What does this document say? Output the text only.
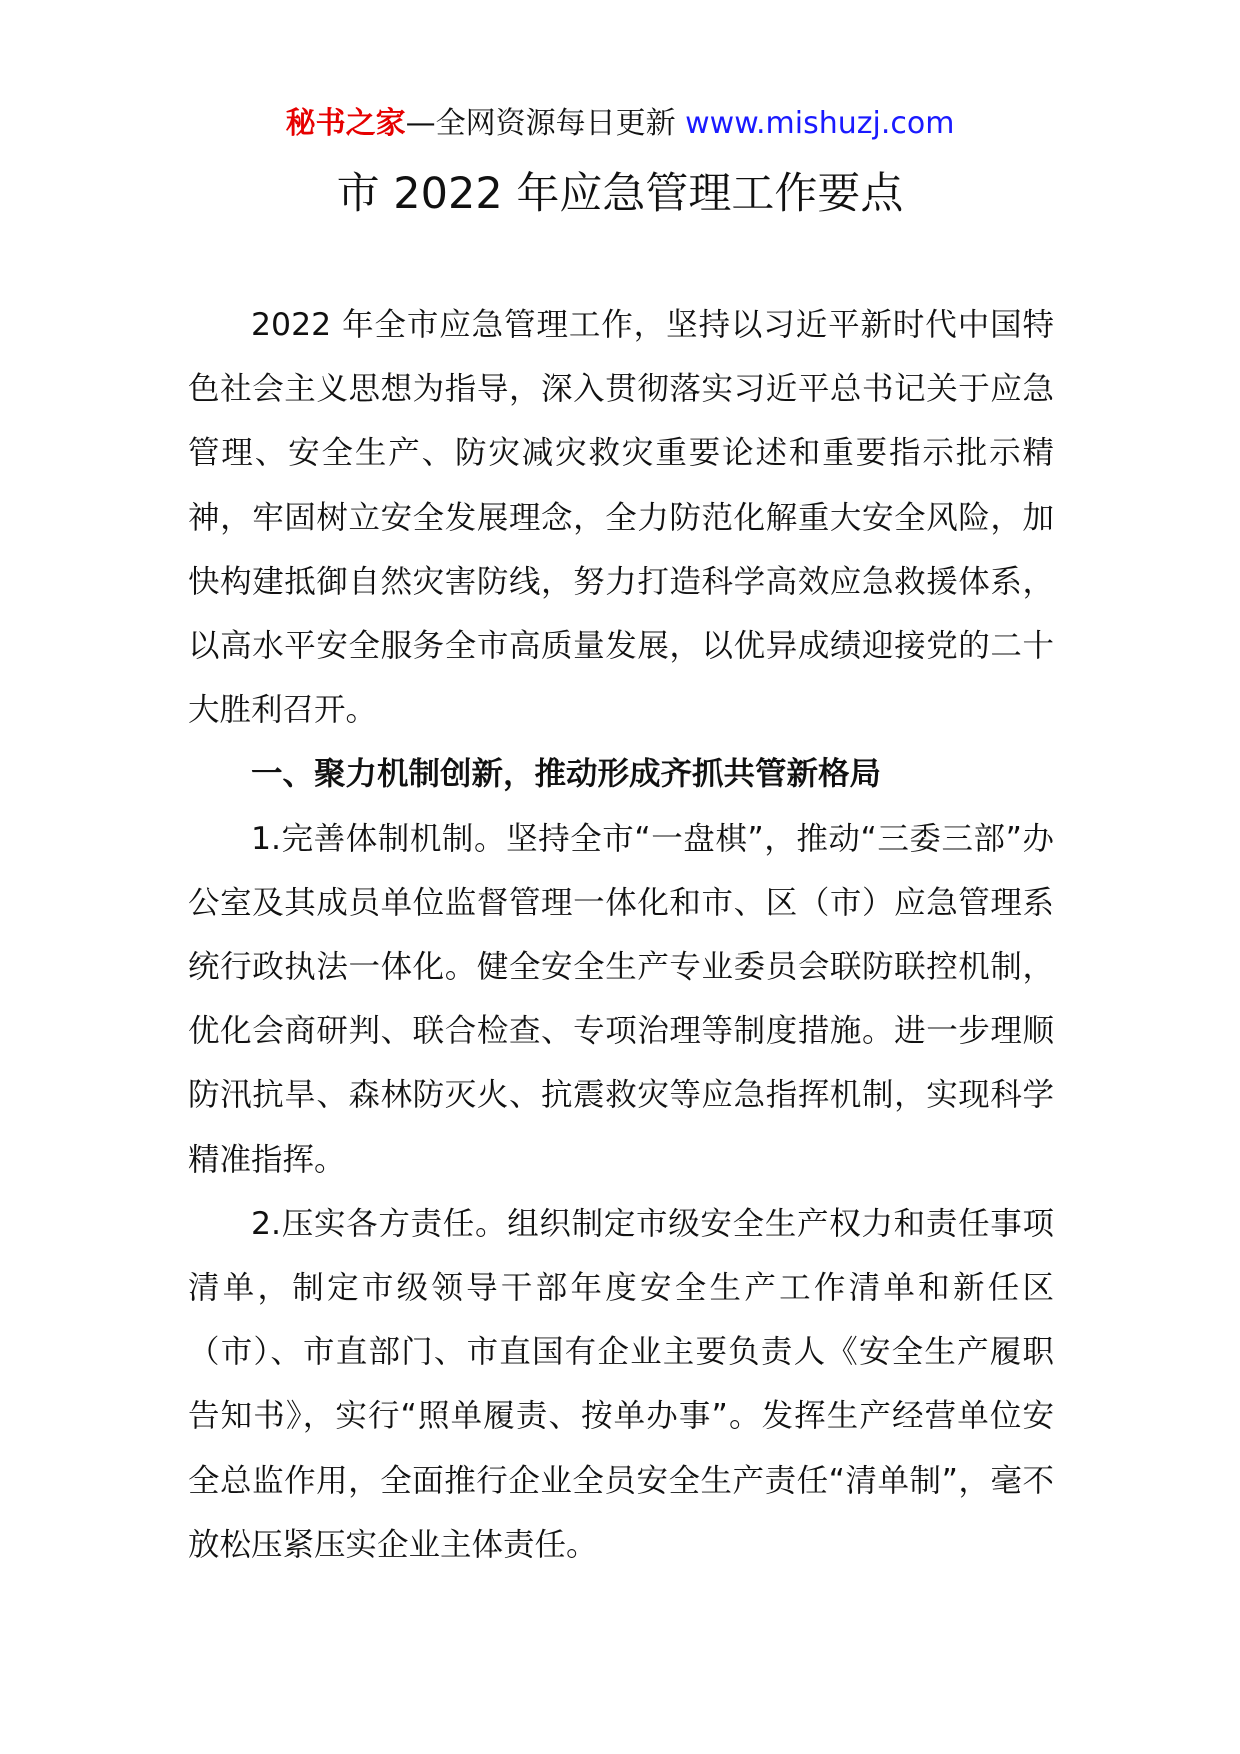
秘书之家—全网资源每日更新 www.mishuzj.com
市 2022 年应急管理工作要点

2022 年全市应急管理工作，坚持以习近平新时代中国特色社会主义思想为指导，深入贯彻落实习近平总书记关于应急管理、安全生产、防灾减灾救灾重要论述和重要指示批示精神，牢固树立安全发展理念，全力防范化解重大安全风险，加快构建抵御自然灾害防线，努力打造科学高效应急救援体系，以高水平安全服务全市高质量发展，以优异成绩迎接党的二十大胜利召开。

一、聚力机制创新，推动形成齐抓共管新格局

1.完善体制机制。坚持全市“一盘棋”，推动“三委三部”办公室及其成员单位监督管理一体化和市、区（市）应急管理系统行政执法一体化。健全安全生产专业委员会联防联控机制，优化会商研判、联合检查、专项治理等制度措施。进一步理顺防汛抗旱、森林防灭火、抗震救灾等应急指挥机制，实现科学精准指挥。

2.压实各方责任。组织制定市级安全生产权力和责任事项清单，制定市级领导干部年度安全生产工作清单和新任区（市）、市直部门、市直国有企业主要负责人《安全生产履职告知书》，实行“照单履责、按单办事”。发挥生产经营单位安全总监作用，全面推行企业全员安全生产责任“清单制”，毫不放松压紧压实企业主体责任。
